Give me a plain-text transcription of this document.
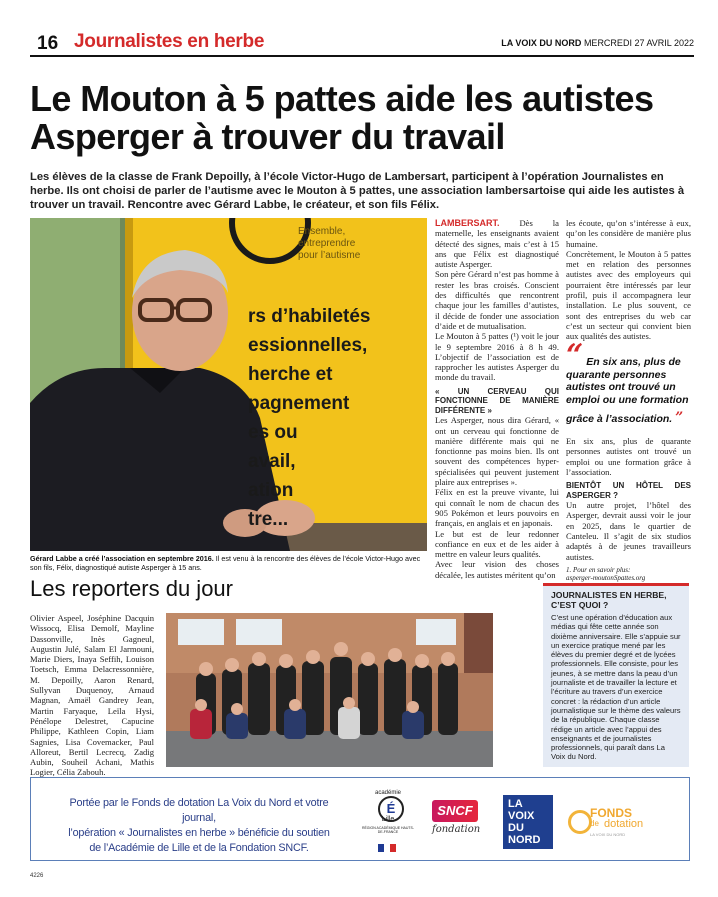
16 Journalistes en herbe	LA VOIX DU NORD MERCREDI 27 AVRIL 2022
Le Mouton à 5 pattes aide les autistes Asperger à trouver du travail
Les élèves de la classe de Frank Depoilly, à l’école Victor-Hugo de Lambersart, participent à l’opération Journalistes en herbe. Ils ont choisi de parler de l’autisme avec le Mouton à 5 pattes, une association lambersartoise qui aide les autistes à trouver un travail. Rencontre avec Gérard Labbe, le créateur, et son fils Félix.
Ensemble,
entreprendre
pour l’autisme
rs d’habiletés
essionnelles,
herche et
pagnement
es ou
avail,
ation
tre...
Gérard Labbe a créé l’association en septembre 2016. Il est venu à la rencontre des élèves de l’école Victor-Hugo avec son fils, Félix, diagnostiqué autiste Asperger à 15 ans.
LAMBERSART. Dès la maternelle, les enseignants avaient détecté des signes, mais c’est à 15 ans que Félix est diagnostiqué autiste Asperger.
Son père Gérard n’est pas homme à rester les bras croisés. Conscient des difficultés que rencontrent chaque jour les familles d’autistes, il décide de fonder une association d’aide et de mutualisation.
Le Mouton à 5 pattes (¹) voit le jour le 9 septembre 2016 à 8 h 49. L’objectif de l’association est de rapprocher les autistes Asperger du monde du travail.
« UN CERVEAU QUI FONCTIONNE DE MANIÈRE DIFFÉRENTE »
Les Asperger, nous dira Gérard, « ont un cerveau qui fonctionne de manière différente mais qui ne fonctionne pas moins bien. Ils ont souvent des compétences hyper-spécialisées qui peuvent justement plaire aux entreprises ».
Félix en est la preuve vivante, lui qui connaît le nom de chacun des 905 Pokémon et leurs pouvoirs en français, en anglais et en japonais.
Le but est de leur redonner confiance en eux et de les aider à mettre en valeur leurs qualités.
Avec leur vision des choses décalée, les autistes méritent qu’on
les écoute, qu’on s’intéresse à eux, qu’on les considère de manière plus humaine.
Concrètement, le Mouton à 5 pattes met en relation des personnes autistes avec des employeurs qui pourraient être intéressés par leur profil, puis il accompagnera leur installation. Le plus souvent, ce sont des entreprises du web car c’est un secteur qui convient bien aux qualités des autistes.
“ En six ans, plus de quarante personnes autistes ont trouvé un emploi ou une formation grâce à l’association. ”
En six ans, plus de quarante personnes autistes ont trouvé un emploi ou une formation grâce à l’association.
BIENTÔT UN HÔTEL DES ASPERGER ?
Un autre projet, l’hôtel des Asperger, devrait aussi voir le jour en 2025, dans le quartier de Canteleu. Il s’agit de six studios adaptés à de jeunes travailleurs autistes.
1. Pour en savoir plus:
asperger-moutonSpattes.org
Les reporters du jour
Olivier Aspeel, Joséphine Dacquin Wissocq, Elisa Demolf, Mayline Dassonville, Inès Gagneul, Augustin Julé, Salam El Jarmouni, Marie Diers, Inaya Seffih, Louison Toetsch, Emma Delacressonnière, M. Depoilly, Aaron Renard, Sullyvan Duquenoy, Arnaud Magnan, Amaël Gandrey Jean, Martin Faryaque, Leïla Hysi, Pénélope Delestret, Capucine Philippe, Kathleen Copin, Liam Sagnies, Lisa Covemacker, Paul Alloreut, Bertil Lecrecq, Zadig Aubin, Souheil Achani, Mathis Logier, Célia Zabouh.
JOURNALISTES EN HERBE, C’EST QUOI ?
C’est une opération d’éducation aux médias qui fête cette année son dixième anniversaire. Elle s’appuie sur un exercice pratique mené par les élèves du premier degré et de lycées professionnels. Elle consiste, pour les jeunes, à se mettre dans la peau d’un journaliste et de travailler la lecture et l’écriture au travers d’un exercice concret : la rédaction d’un article journalistique sur le thème des valeurs de la république. Chaque classe rédige un article avec l’appui des enseignants et de journalistes professionnels, qui paraît dans La Voix du Nord.
Portée par le Fonds de dotation La Voix du Nord et votre journal,
l’opération « Journalistes en herbe » bénéficie du soutien
de l’Académie de Lille et de la Fondation SNCF.
académie
É
Lille
RÉGION ACADÉMIQUE HAUTS-DE-FRANCE
SNCF
fondation
LA
VOIX
DU
NORD
FONDS
de dotation
LA VOIX DU NORD
4226
